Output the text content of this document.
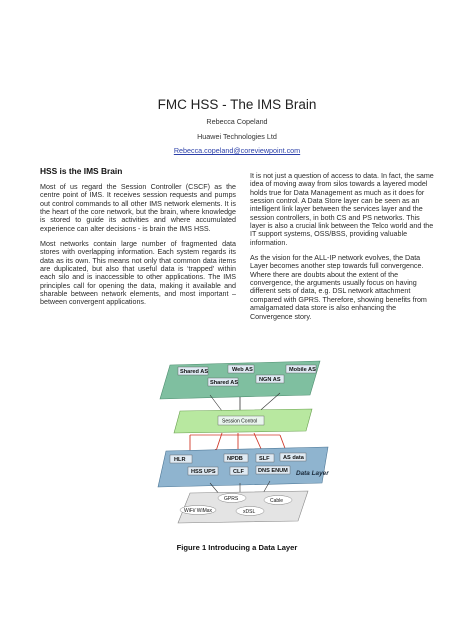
FMC HSS - The IMS Brain
Rebecca Copeland
Huawei Technologies Ltd
Rebecca.copeland@coreviewpoint.com
HSS is the IMS Brain

Most of us regard the Session Controller (CSCF) as the centre point of IMS. It receives session requests and pumps out control commands to all other IMS network elements. It is the heart of the core network, but the brain, where knowledge is stored to guide its activities and where accumulated experience can alter decisions - is brain the IMS HSS.

Most networks contain large number of fragmented data stores with overlapping information. Each system regards its data as its own. This means not only that common data items are duplicated, but also that useful data is ‘trapped’ within each silo and is inaccessible to other applications. The IMS principles call for opening the data, making it available and sharable between network elements, and most important – between convergent applications.

It is not just a question of access to data. In fact, the same idea of moving away from silos towards a layered model holds true for Data Management as much as it does for session control. A Data Store layer can be seen as an intelligent link layer between the services layer and the session controllers, in both CS and PS networks. This layer is also a crucial link between the Telco world and the IT support systems, OSS/BSS, providing valuable information.

As the vision for the ALL-IP network evolves, the Data Layer becomes another step towards full convergence. Where there are doubts about the extent of the convergence, the arguments usually focus on having different sets of data, e.g. DSL network attachment compared with GPRS. Therefore, showing benefits from amalgamated data store is also enhancing the Convergence story.

Shared AS	Web AS	Mobile AS
Shared AS	NGN AS
Session Control
HLR	NPDB	SLF AS data
HSS UPS	CLF	DNS ENUM Data Layer
GPRS	Cable
WiFi/ WiMax	xDSL
Figure 1 Introducing a Data Layer
